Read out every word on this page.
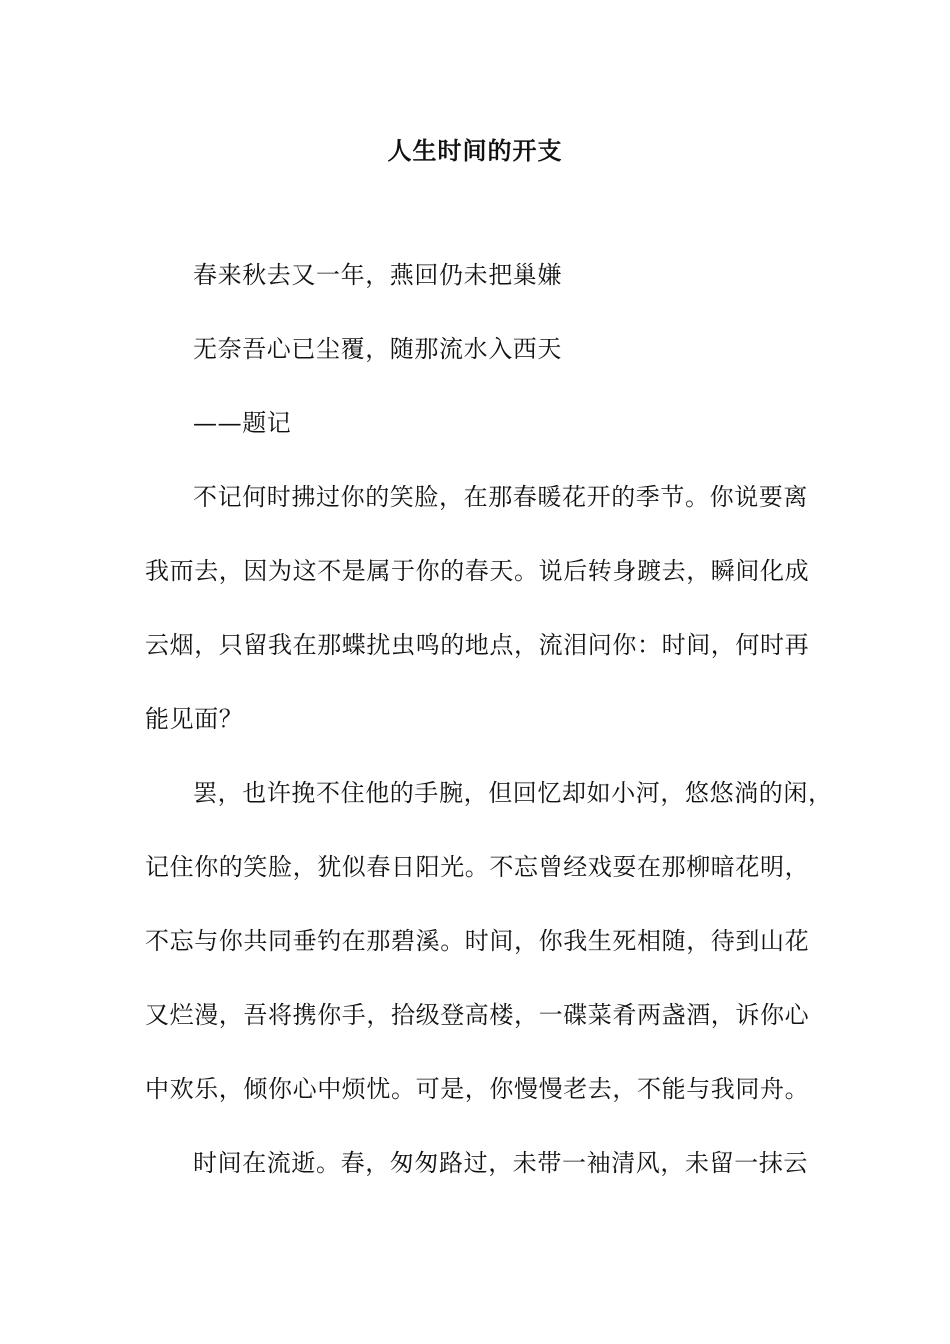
人生时间的开支
春来秋去又一年，燕回仍未把巢嫌
无奈吾心已尘覆，随那流水入西天
——题记
不记何时拂过你的笑脸，在那春暖花开的季节。你说要离
我而去，因为这不是属于你的春天。说后转身踱去，瞬间化成
云烟，只留我在那蝶扰虫鸣的地点，流泪问你：时间，何时再
能见面？
罢，也许挽不住他的手腕，但回忆却如小河，悠悠淌的闲，
记住你的笑脸，犹似春日阳光。不忘曾经戏耍在那柳暗花明，
不忘与你共同垂钓在那碧溪。时间，你我生死相随，待到山花
又烂漫，吾将携你手，拾级登高楼，一碟菜肴两盏酒，诉你心
中欢乐，倾你心中烦忧。可是，你慢慢老去，不能与我同舟。
时间在流逝。春，匆匆路过，未带一袖清风，未留一抹云
